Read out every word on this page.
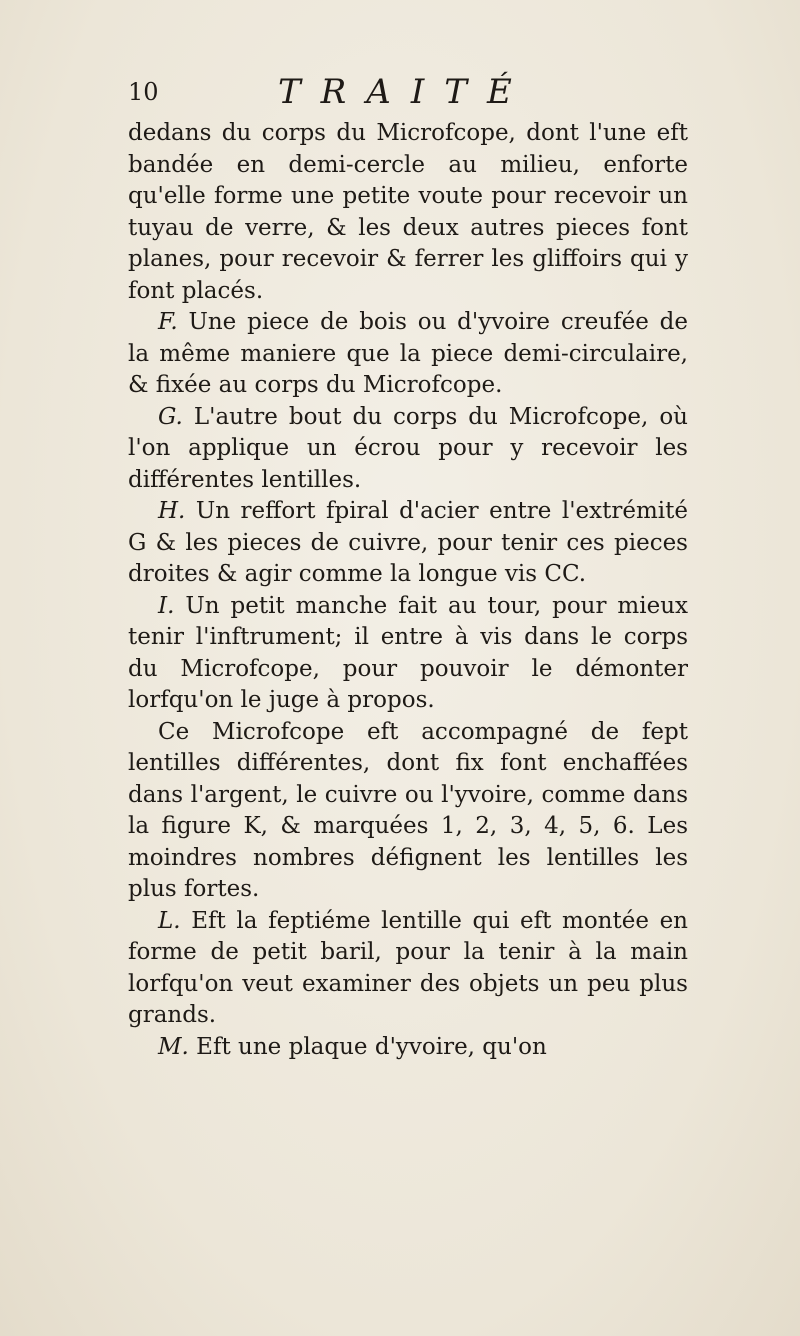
10	TRAITÉ

dedans du corps du Microfcope, dont l'une eft bandée en demi-cercle au milieu, enforte qu'elle forme une petite voute pour recevoir un tuyau de verre, & les deux autres pieces font planes, pour recevoir & ferrer les gliffoirs qui y font placés.

F. Une piece de bois ou d'yvoire creufée de la même maniere que la piece demi-circulaire, & fixée au corps du Microfcope.

G. L'autre bout du corps du Microfcope, où l'on applique un écrou pour y recevoir les différentes lentilles.

H. Un reffort fpiral d'acier entre l'extrémité G & les pieces de cuivre, pour tenir ces pieces droites & agir comme la longue vis CC.

I. Un petit manche fait au tour, pour mieux tenir l'inftrument; il entre à vis dans le corps du Microfcope, pour pouvoir le démonter lorfqu'on le juge à propos.

Ce Microfcope eft accompagné de fept lentilles différentes, dont fix font enchaffées dans l'argent, le cuivre ou l'yvoire, comme dans la figure K, & marquées 1, 2, 3, 4, 5, 6. Les moindres nombres défignent les lentilles les plus fortes.

L. Eft la feptiéme lentille qui eft montée en forme de petit baril, pour la tenir à la main lorfqu'on veut examiner des objets un peu plus grands.

M. Eft une plaque d'yvoire, qu'on
